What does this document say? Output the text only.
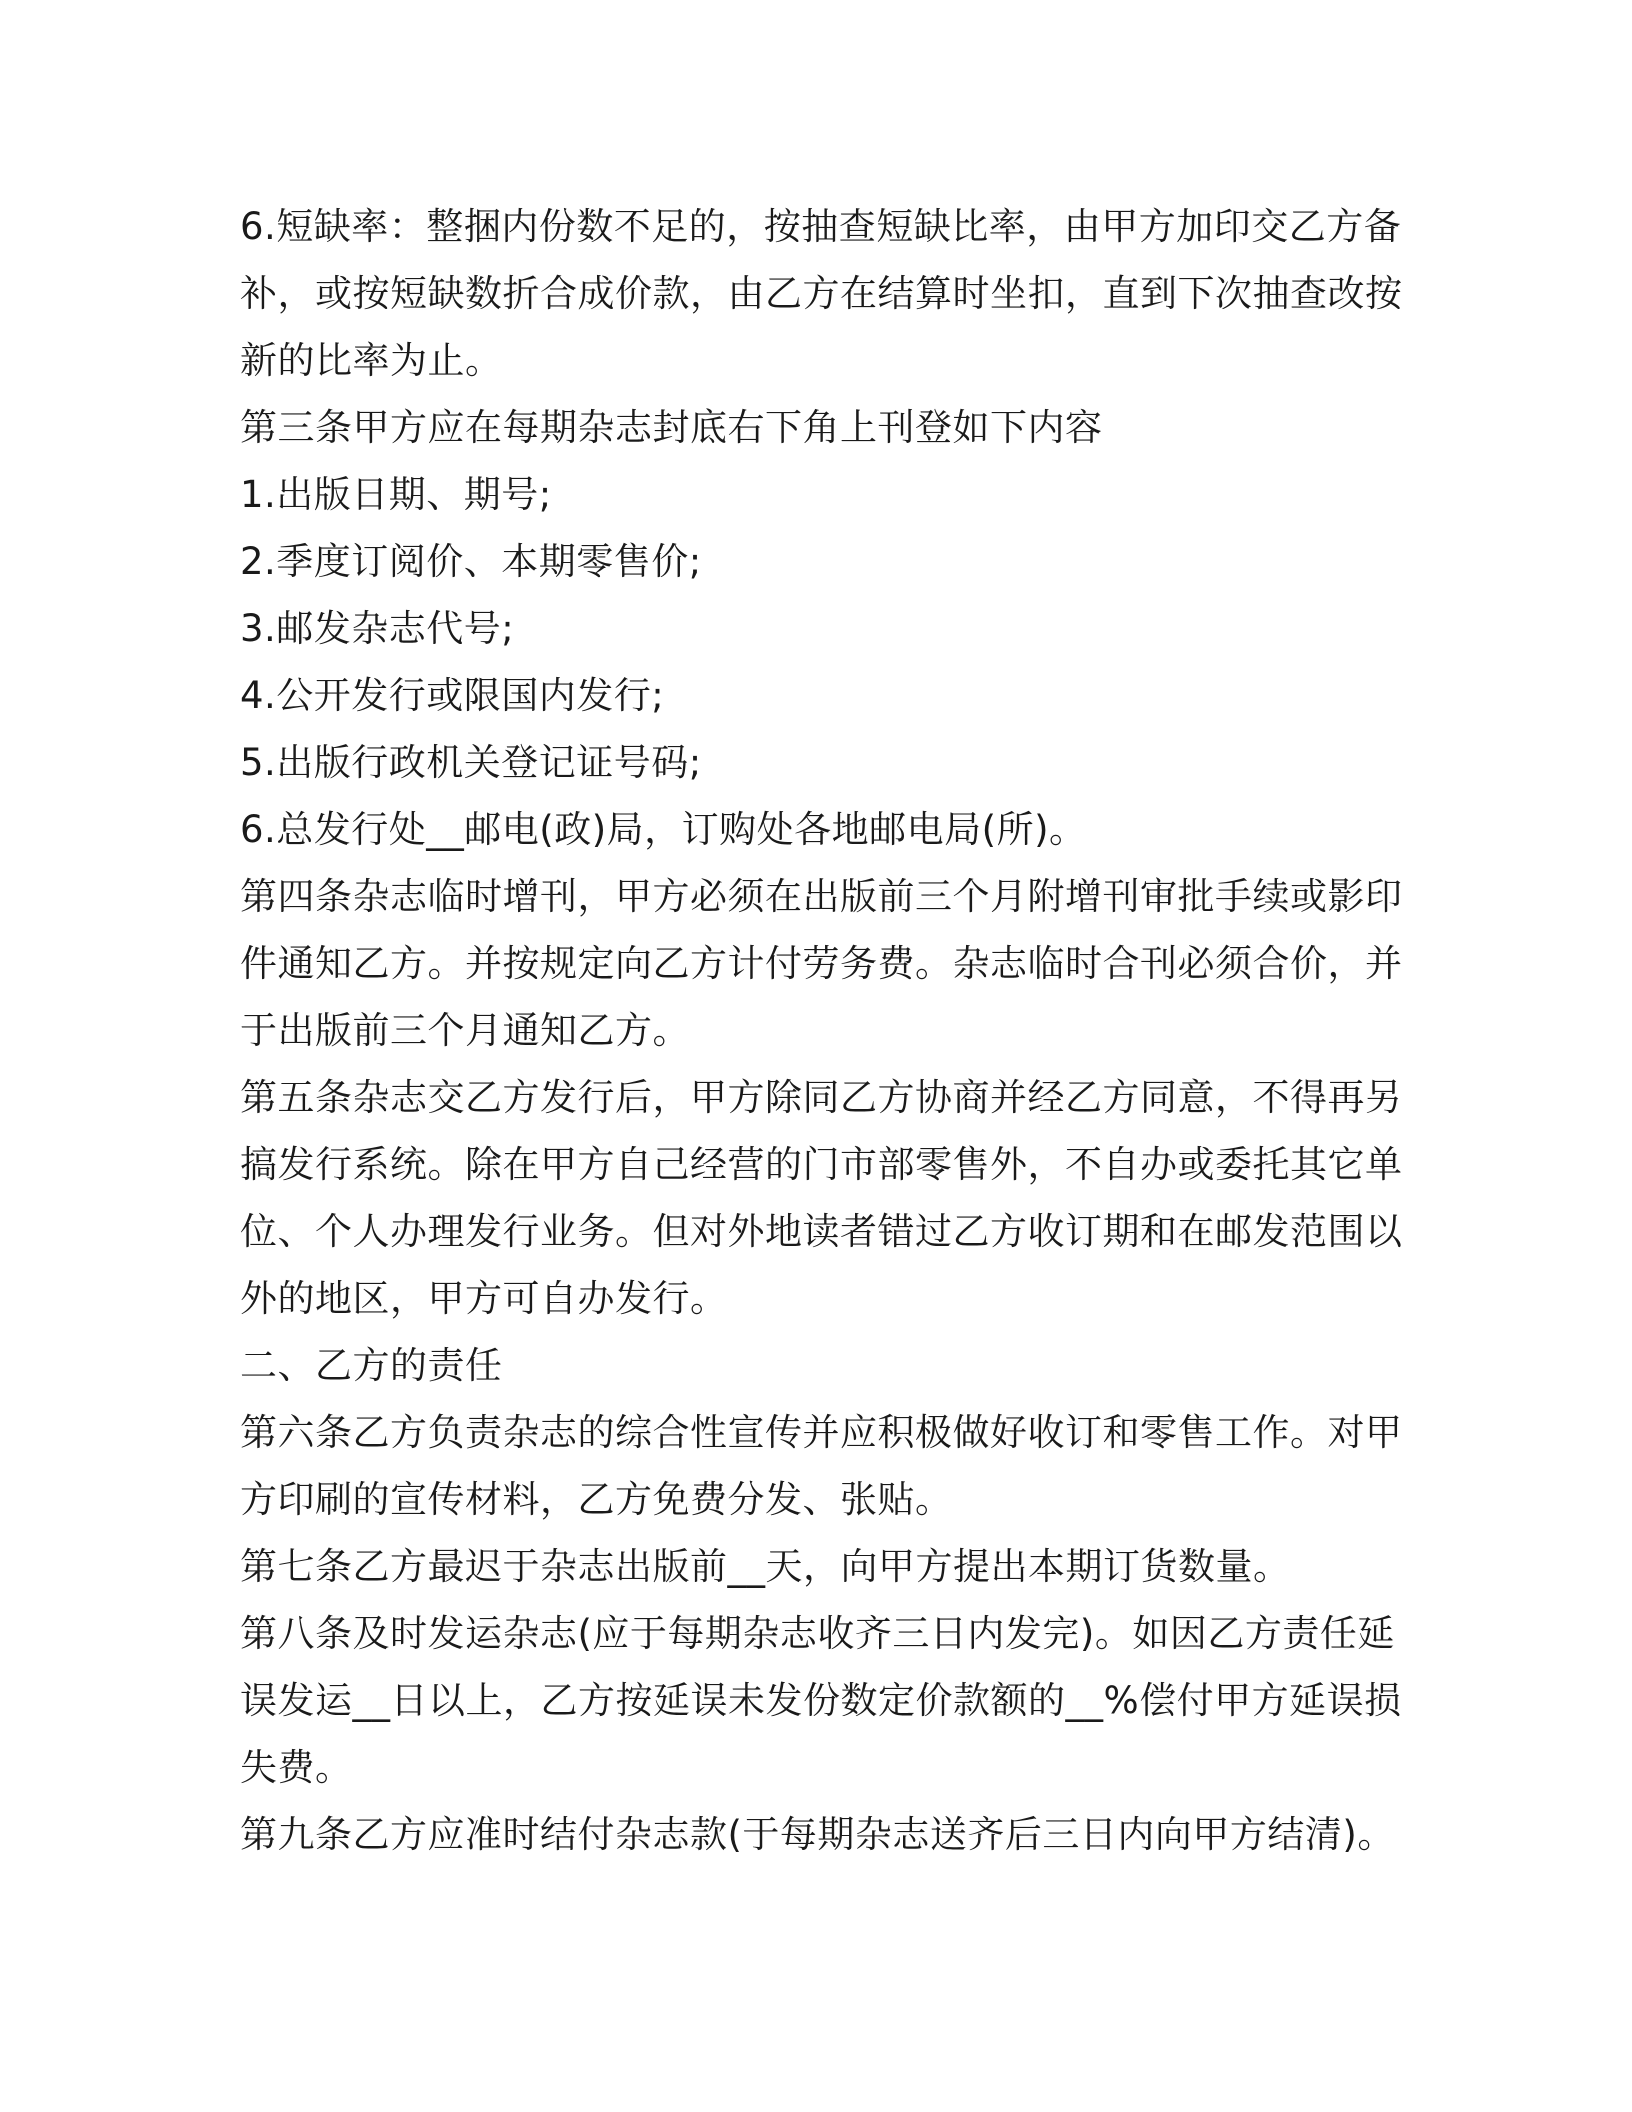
6.短缺率：整捆内份数不足的，按抽查短缺比率，由甲方加印交乙方备补，或按短缺数折合成价款，由乙方在结算时坐扣，直到下次抽查改按新的比率为止。

第三条甲方应在每期杂志封底右下角上刊登如下内容

1.出版日期、期号;

2.季度订阅价、本期零售价;

3.邮发杂志代号;

4.公开发行或限国内发行;

5.出版行政机关登记证号码;

6.总发行处__邮电(政)局，订购处各地邮电局(所)。

第四条杂志临时增刊，甲方必须在出版前三个月附增刊审批手续或影印件通知乙方。并按规定向乙方计付劳务费。杂志临时合刊必须合价，并于出版前三个月通知乙方。

第五条杂志交乙方发行后，甲方除同乙方协商并经乙方同意，不得再另搞发行系统。除在甲方自己经营的门市部零售外，不自办或委托其它单位、个人办理发行业务。但对外地读者错过乙方收订期和在邮发范围以外的地区，甲方可自办发行。

二、乙方的责任

第六条乙方负责杂志的综合性宣传并应积极做好收订和零售工作。对甲方印刷的宣传材料，乙方免费分发、张贴。

第七条乙方最迟于杂志出版前__天，向甲方提出本期订货数量。

第八条及时发运杂志(应于每期杂志收齐三日内发完)。如因乙方责任延误发运__日以上，乙方按延误未发份数定价款额的__%偿付甲方延误损失费。

第九条乙方应准时结付杂志款(于每期杂志送齐后三日内向甲方结清)。
